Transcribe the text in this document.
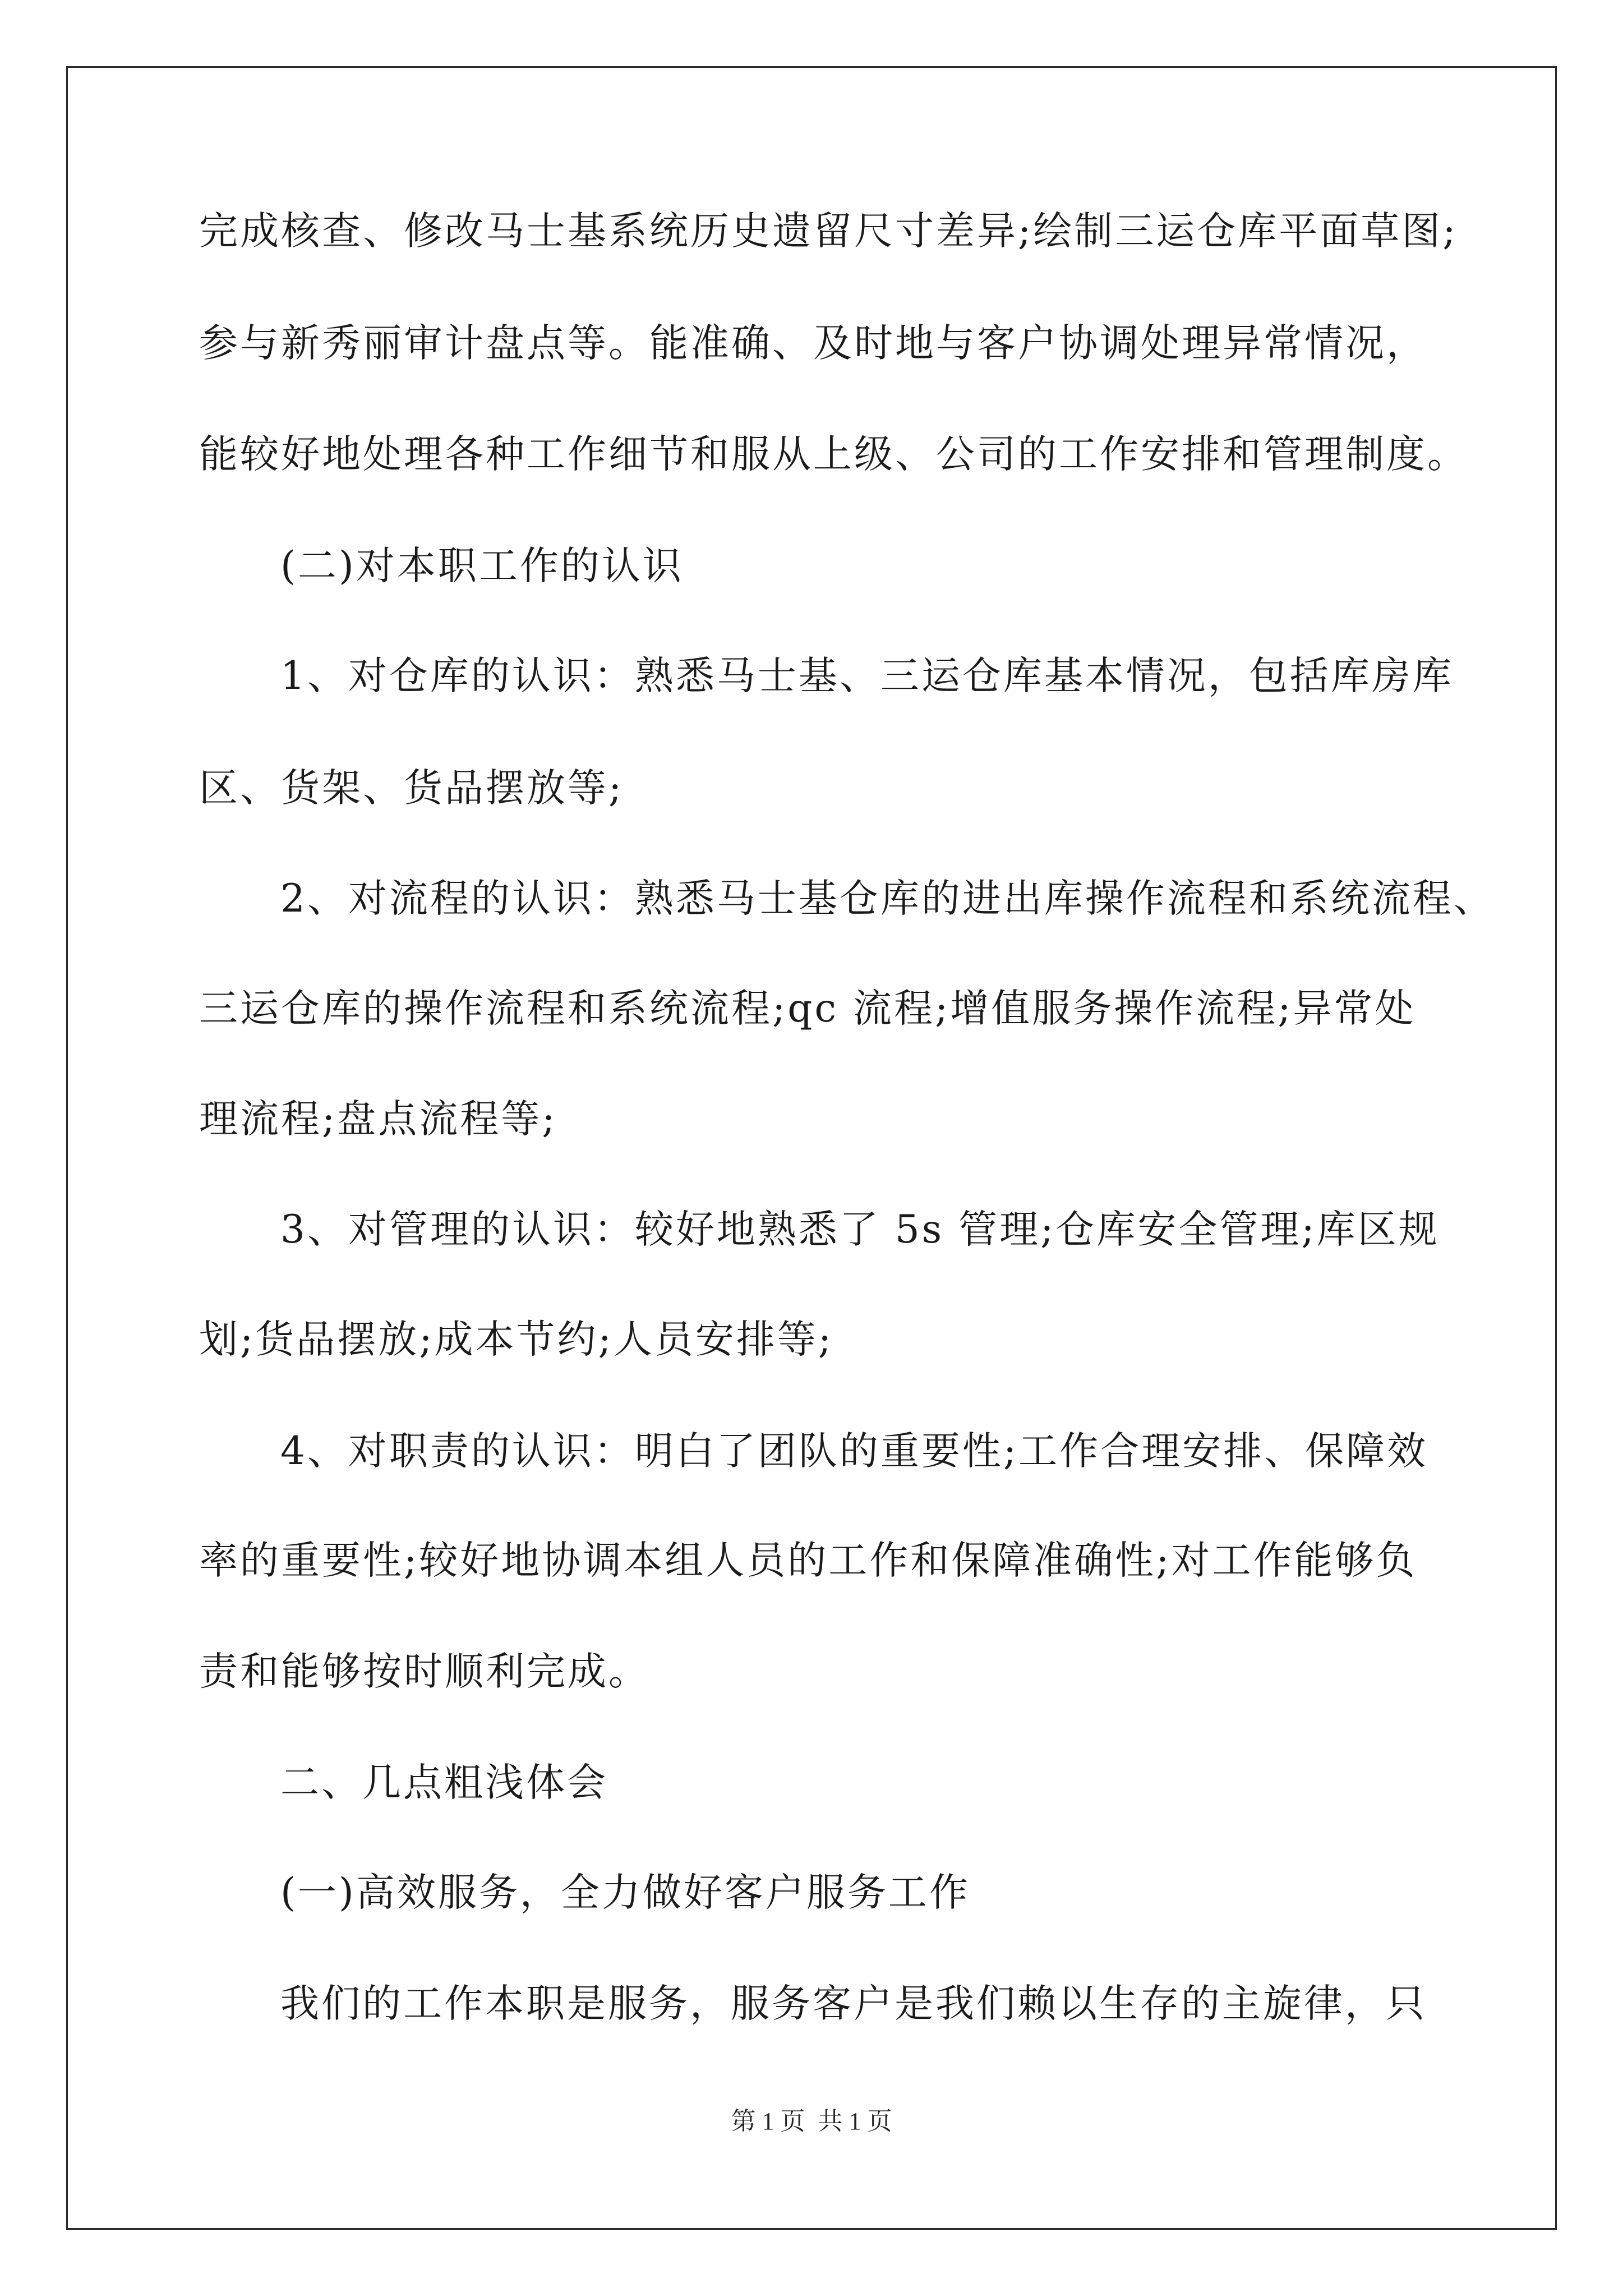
完成核查、修改马士基系统历史遗留尺寸差异;绘制三运仓库平面草图;
参与新秀丽审计盘点等。能准确、及时地与客户协调处理异常情况，
能较好地处理各种工作细节和服从上级、公司的工作安排和管理制度。
(二)对本职工作的认识
1、对仓库的认识：熟悉马士基、三运仓库基本情况，包括库房库
区、货架、货品摆放等;
2、对流程的认识：熟悉马士基仓库的进出库操作流程和系统流程、
三运仓库的操作流程和系统流程;qc 流程;增值服务操作流程;异常处
理流程;盘点流程等;
3、对管理的认识：较好地熟悉了 5s 管理;仓库安全管理;库区规
划;货品摆放;成本节约;人员安排等;
4、对职责的认识：明白了团队的重要性;工作合理安排、保障效
率的重要性;较好地协调本组人员的工作和保障准确性;对工作能够负
责和能够按时顺利完成。
二、几点粗浅体会
(一)高效服务，全力做好客户服务工作
我们的工作本职是服务，服务客户是我们赖以生存的主旋律，只
第 1 页 共 1 页
